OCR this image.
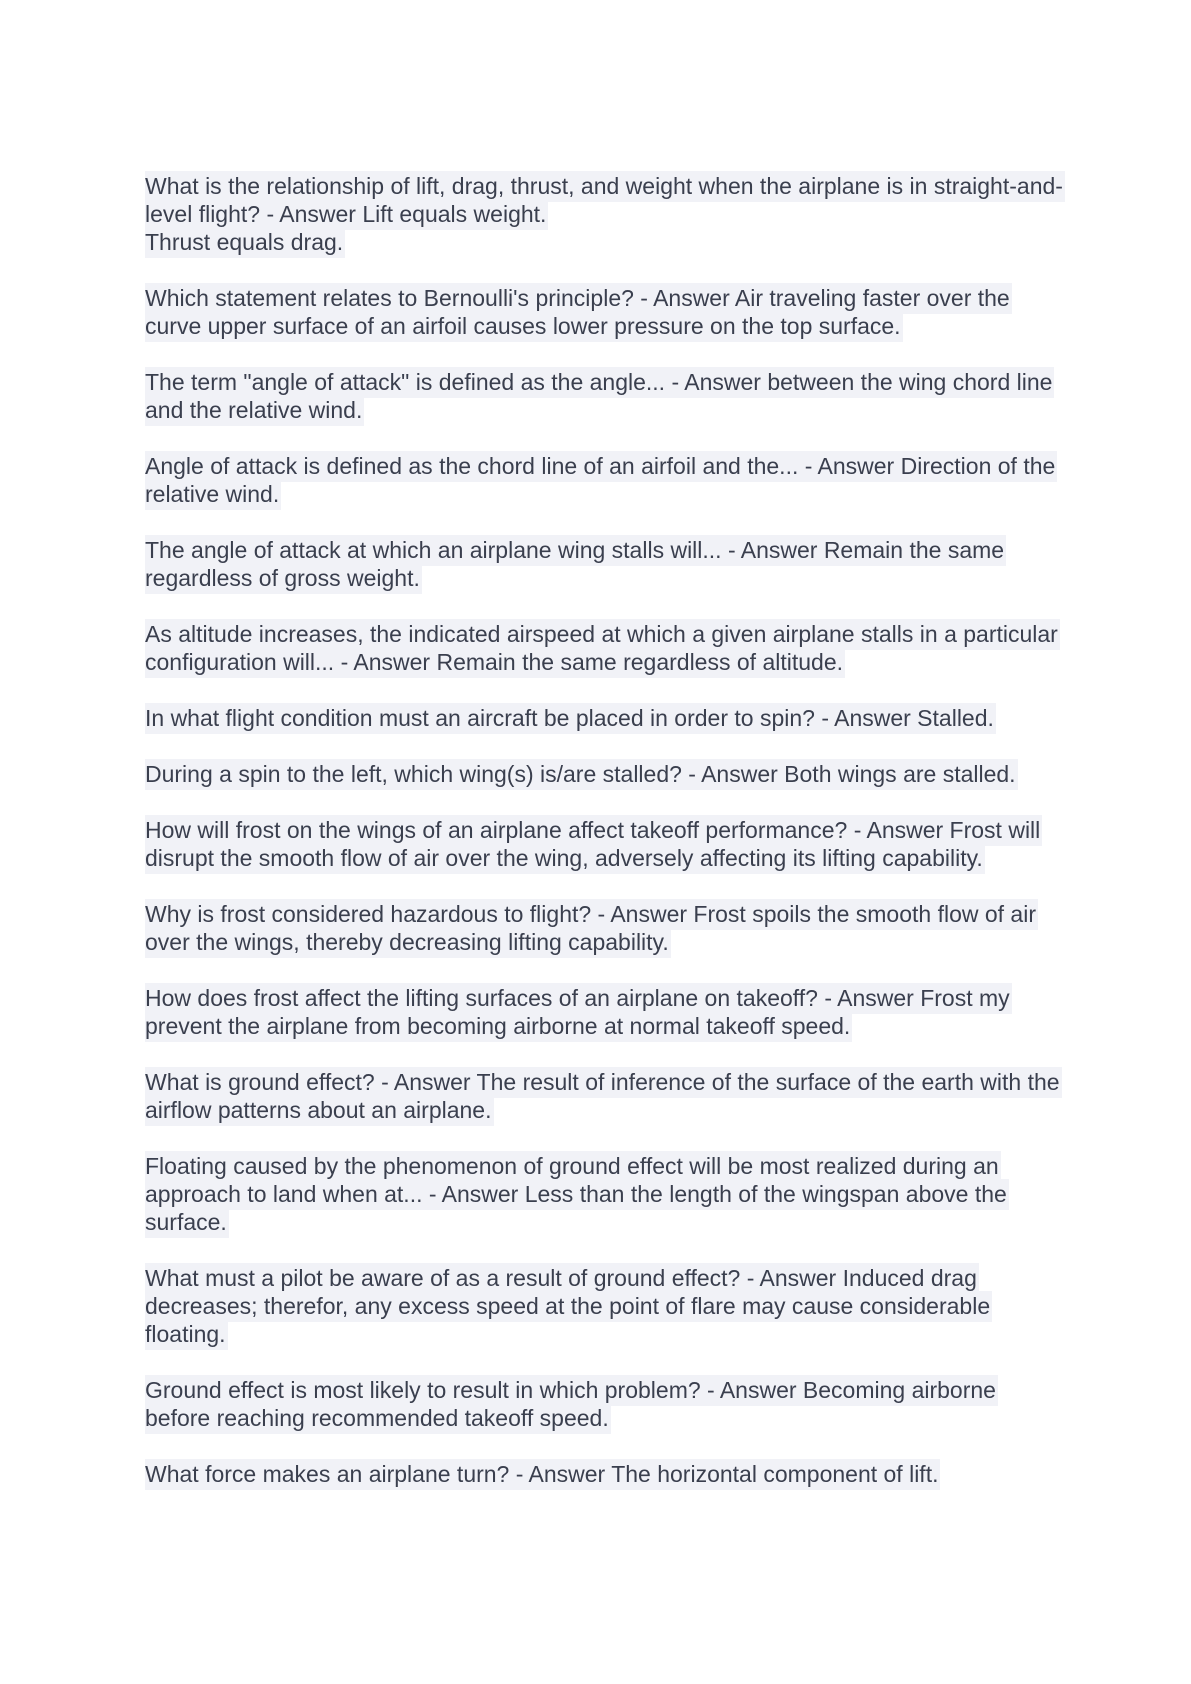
What is the relationship of lift, drag, thrust, and weight when the airplane is in straight-and-level flight? - Answer Lift equals weight.
Thrust equals drag.
Which statement relates to Bernoulli's principle? - Answer Air traveling faster over the curve upper surface of an airfoil causes lower pressure on the top surface.
The term "angle of attack" is defined as the angle... - Answer between the wing chord line and the relative wind.
Angle of attack is defined as the chord line of an airfoil and the... - Answer Direction of the relative wind.
The angle of attack at which an airplane wing stalls will... - Answer Remain the same regardless of gross weight.
As altitude increases, the indicated airspeed at which a given airplane stalls in a particular configuration will... - Answer Remain the same regardless of altitude.
In what flight condition must an aircraft be placed in order to spin? - Answer Stalled.
During a spin to the left, which wing(s) is/are stalled? - Answer Both wings are stalled.
How will frost on the wings of an airplane affect takeoff performance? - Answer Frost will disrupt the smooth flow of air over the wing, adversely affecting its lifting capability.
Why is frost considered hazardous to flight? - Answer Frost spoils the smooth flow of air over the wings, thereby decreasing lifting capability.
How does frost affect the lifting surfaces of an airplane on takeoff? - Answer Frost my prevent the airplane from becoming airborne at normal takeoff speed.
What is ground effect? - Answer The result of inference of the surface of the earth with the airflow patterns about an airplane.
Floating caused by the phenomenon of ground effect will be most realized during an approach to land when at... - Answer Less than the length of the wingspan above the surface.
What must a pilot be aware of as a result of ground effect? - Answer Induced drag decreases; therefor, any excess speed at the point of flare may cause considerable floating.
Ground effect is most likely to result in which problem? - Answer Becoming airborne before reaching recommended takeoff speed.
What force makes an airplane turn? - Answer The horizontal component of lift.
